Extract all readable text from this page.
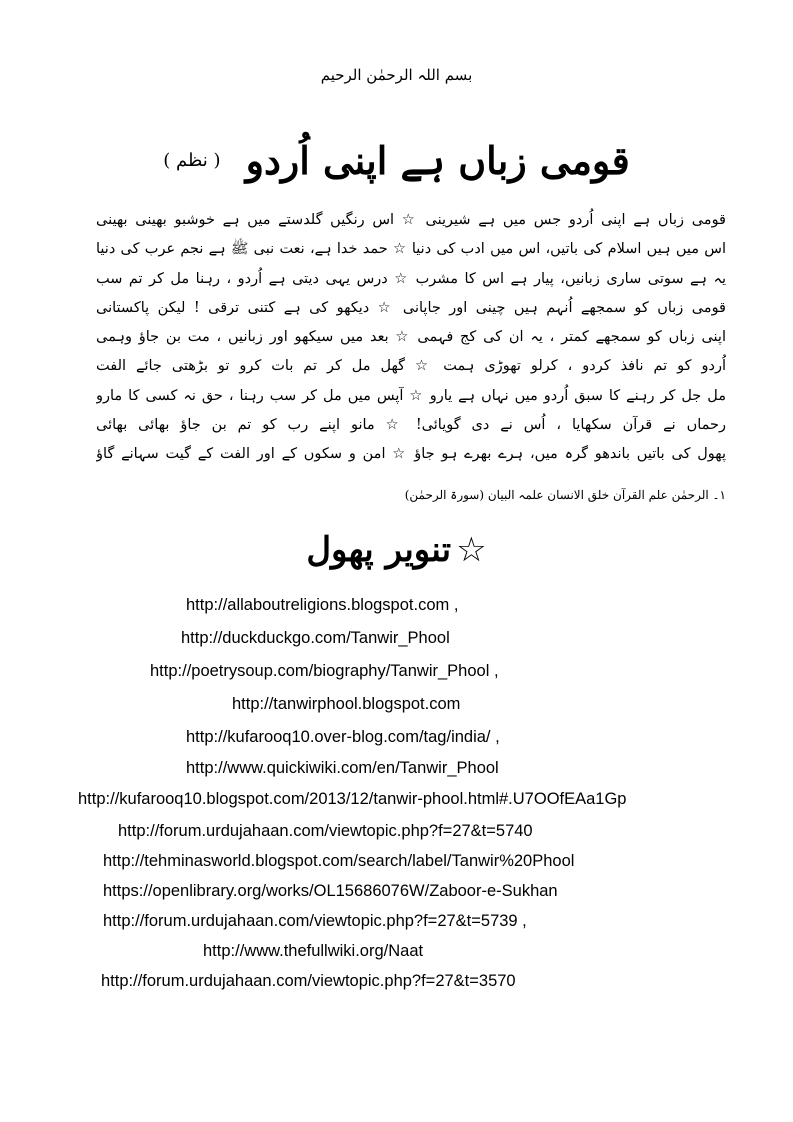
بسم اللہ الرحمٰن الرحیم
قومی زباں ہے اپنی اُردو ( نظم )
قومی زباں ہے اپنی اُردو جس میں ہے شیرینی ☆ اس رنگیں گلدستے میں ہے خوشبو بھینی بھینی
اس میں ہیں اسلام کی باتیں، اس میں ادب کی دنیا ☆ حمد خدا ہے، نعت نبی ﷺ ہے نجم عرب کی دنیا
یہ ہے سوتی ساری زبانیں، پیار ہے اس کا مشرب ☆ درس یہی دیتی ہے اُردو ، رہنا مل کر تم سب
قومی زباں کو سمجھے اُنہم ہیں چینی اور جاپانی ☆ دیکھو کی ہے کتنی ترقی ! لیکن پاکستانی
اپنی زباں کو سمجھے کمتر ، یہ ان کی کج فہمی ☆ بعد میں سیکھو اور زبانیں ، مت بن جاؤ وہمی
اُردو کو تم نافذ کردو ، کرلو تھوڑی ہمت ☆ گھل مل کر تم بات کرو تو بڑھتی جائے الفت
مل جل کر رہنے کا سبق اُردو میں نہاں ہے یارو ☆ آپس میں مل کر سب رہنا ، حق نہ کسی کا مارو
رحماں نے قرآن سکھایا ، اُس نے دی گویائی! ☆ مانو اپنے رب کو تم بن جاؤ بھائی بھائی
پھول کی باتیں باندھو گرہ میں، ہرے بھرے ہو جاؤ ☆ امن و سکوں کے اور الفت کے گیت سہانے گاؤ
۱۔ الرحمٰن علم القرآن خلق الانسان علمہ البیان (سورۃ الرحمٰن)
☆ تنویر پھول
http://allaboutreligions.blogspot.com ,
http://duckduckgo.com/Tanwir_Phool
http://poetrysoup.com/biography/Tanwir_Phool ,
http://tanwirphool.blogspot.com
http://kufarooq10.over-blog.com/tag/india/ ,
http://www.quickiwiki.com/en/Tanwir_Phool
http://kufarooq10.blogspot.com/2013/12/tanwir-phool.html#.U7OOfEAa1Gp
http://forum.urdujahaan.com/viewtopic.php?f=27&t=5740
http://tehminasworld.blogspot.com/search/label/Tanwir%20Phool
https://openlibrary.org/works/OL15686076W/Zaboor-e-Sukhan
http://forum.urdujahaan.com/viewtopic.php?f=27&t=5739 ,
http://www.thefullwiki.org/Naat
http://forum.urdujahaan.com/viewtopic.php?f=27&t=3570
